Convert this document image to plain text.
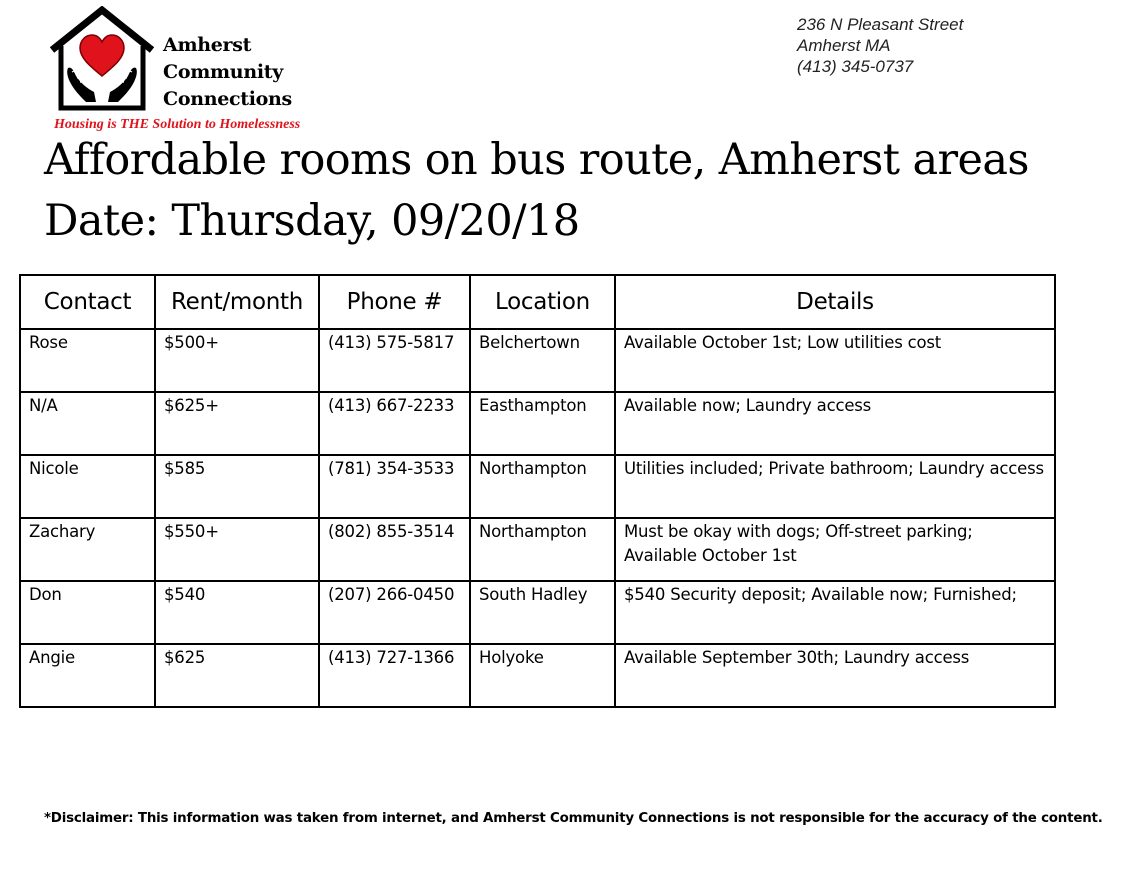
Amherst
Community
Connections
Housing is THE Solution to Homelessness
236 N Pleasant Street
Amherst MA
(413) 345-0737
Affordable rooms on bus route, Amherst areas
Date: Thursday, 09/20/18
Contact	Rent/month	Phone #	Location	Details
Rose	$500+	(413) 575-5817	Belchertown	Available October 1st; Low utilities cost
N/A	$625+	(413) 667-2233	Easthampton	Available now; Laundry access
Nicole	$585	(781) 354-3533	Northampton	Utilities included; Private bathroom; Laundry access
Zachary	$550+	(802) 855-3514	Northampton	Must be okay with dogs; Off-street parking; Available October 1st
Don	$540	(207) 266-0450	South Hadley	$540 Security deposit; Available now; Furnished;
Angie	$625	(413) 727-1366	Holyoke	Available September 30th; Laundry access
*Disclaimer: This information was taken from internet, and Amherst Community Connections is not responsible for the accuracy of the content.
